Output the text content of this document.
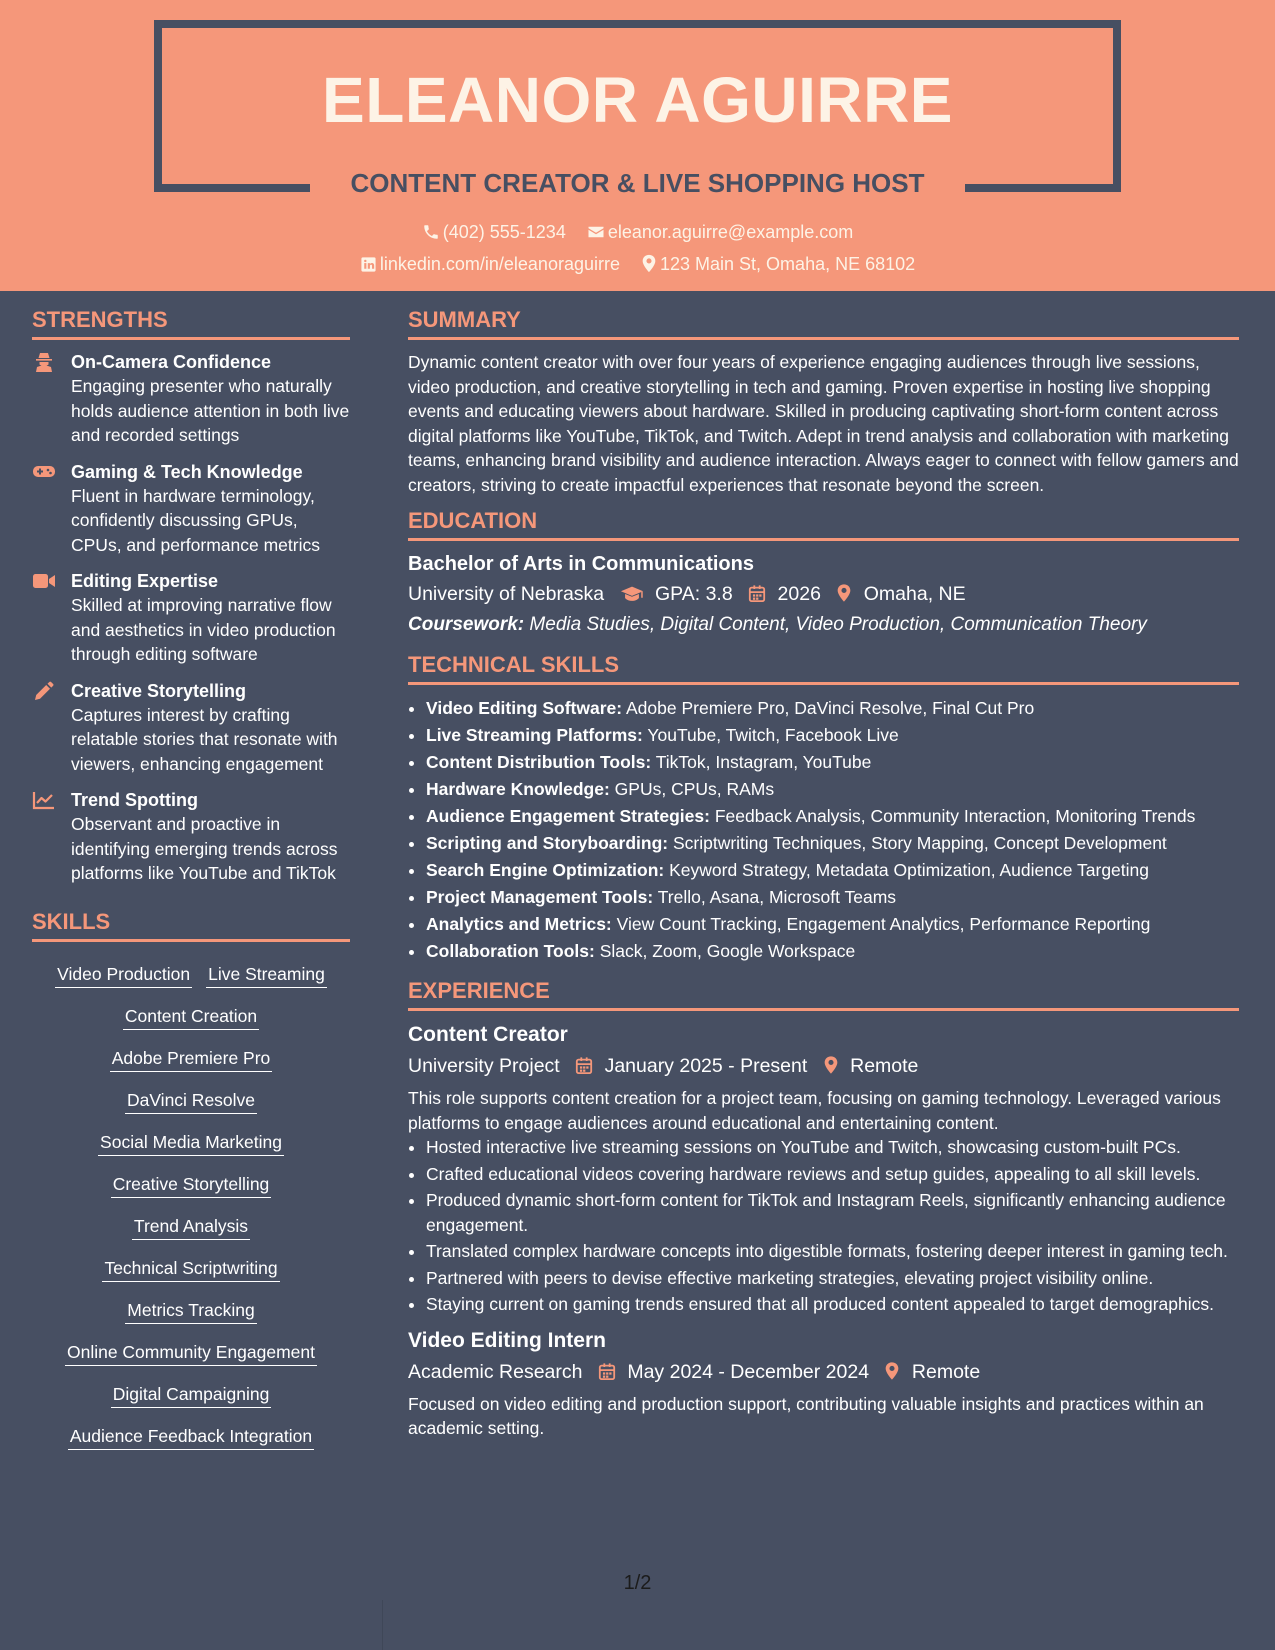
ELEANOR AGUIRRE
CONTENT CREATOR & LIVE SHOPPING HOST
(402) 555-1234 eleanor.aguirre@example.com
linkedin.com/in/eleanoraguirre 123 Main St, Omaha, NE 68102
STRENGTHS
On-Camera Confidence
Engaging presenter who naturally holds audience attention in both live and recorded settings
Gaming & Tech Knowledge
Fluent in hardware terminology, confidently discussing GPUs, CPUs, and performance metrics
Editing Expertise
Skilled at improving narrative flow and aesthetics in video production through editing software
Creative Storytelling
Captures interest by crafting relatable stories that resonate with viewers, enhancing engagement
Trend Spotting
Observant and proactive in identifying emerging trends across platforms like YouTube and TikTok
SKILLS
Video Production Live Streaming
Content Creation
Adobe Premiere Pro
DaVinci Resolve
Social Media Marketing
Creative Storytelling
Trend Analysis
Technical Scriptwriting
Metrics Tracking
Online Community Engagement
Digital Campaigning
Audience Feedback Integration
SUMMARY

Dynamic content creator with over four years of experience engaging audiences through live sessions, video production, and creative storytelling in tech and gaming. Proven expertise in hosting live shopping events and educating viewers about hardware. Skilled in producing captivating short-form content across digital platforms like YouTube, TikTok, and Twitch. Adept in trend analysis and collaboration with marketing teams, enhancing brand visibility and audience interaction. Always eager to connect with fellow gamers and creators, striving to create impactful experiences that resonate beyond the screen.

EDUCATION
Bachelor of Arts in Communications
University of Nebraska	GPA: 3.8 2026 Omaha, NE
Coursework: Media Studies, Digital Content, Video Production, Communication Theory
TECHNICAL SKILLS
• Video Editing Software: Adobe Premiere Pro, DaVinci Resolve, Final Cut Pro
• Live Streaming Platforms: YouTube, Twitch, Facebook Live
• Content Distribution Tools: TikTok, Instagram, YouTube
• Hardware Knowledge: GPUs, CPUs, RAMs
• Audience Engagement Strategies: Feedback Analysis, Community Interaction, Monitoring Trends
• Scripting and Storyboarding: Scriptwriting Techniques, Story Mapping, Concept Development
• Search Engine Optimization: Keyword Strategy, Metadata Optimization, Audience Targeting
• Project Management Tools: Trello, Asana, Microsoft Teams
• Analytics and Metrics: View Count Tracking, Engagement Analytics, Performance Reporting
• Collaboration Tools: Slack, Zoom, Google Workspace
EXPERIENCE
Content Creator
University Project January 2025 - Present Remote
This role supports content creation for a project team, focusing on gaming technology. Leveraged various platforms to engage audiences around educational and entertaining content.
• Hosted interactive live streaming sessions on YouTube and Twitch, showcasing custom-built PCs.
• Crafted educational videos covering hardware reviews and setup guides, appealing to all skill levels.
• Produced dynamic short-form content for TikTok and Instagram Reels, significantly enhancing audience engagement.
• Translated complex hardware concepts into digestible formats, fostering deeper interest in gaming tech.
• Partnered with peers to devise effective marketing strategies, elevating project visibility online.
• Staying current on gaming trends ensured that all produced content appealed to target demographics.
Video Editing Intern
Academic Research May 2024 - December 2024 Remote
Focused on video editing and production support, contributing valuable insights and practices within an academic setting.
1/2
